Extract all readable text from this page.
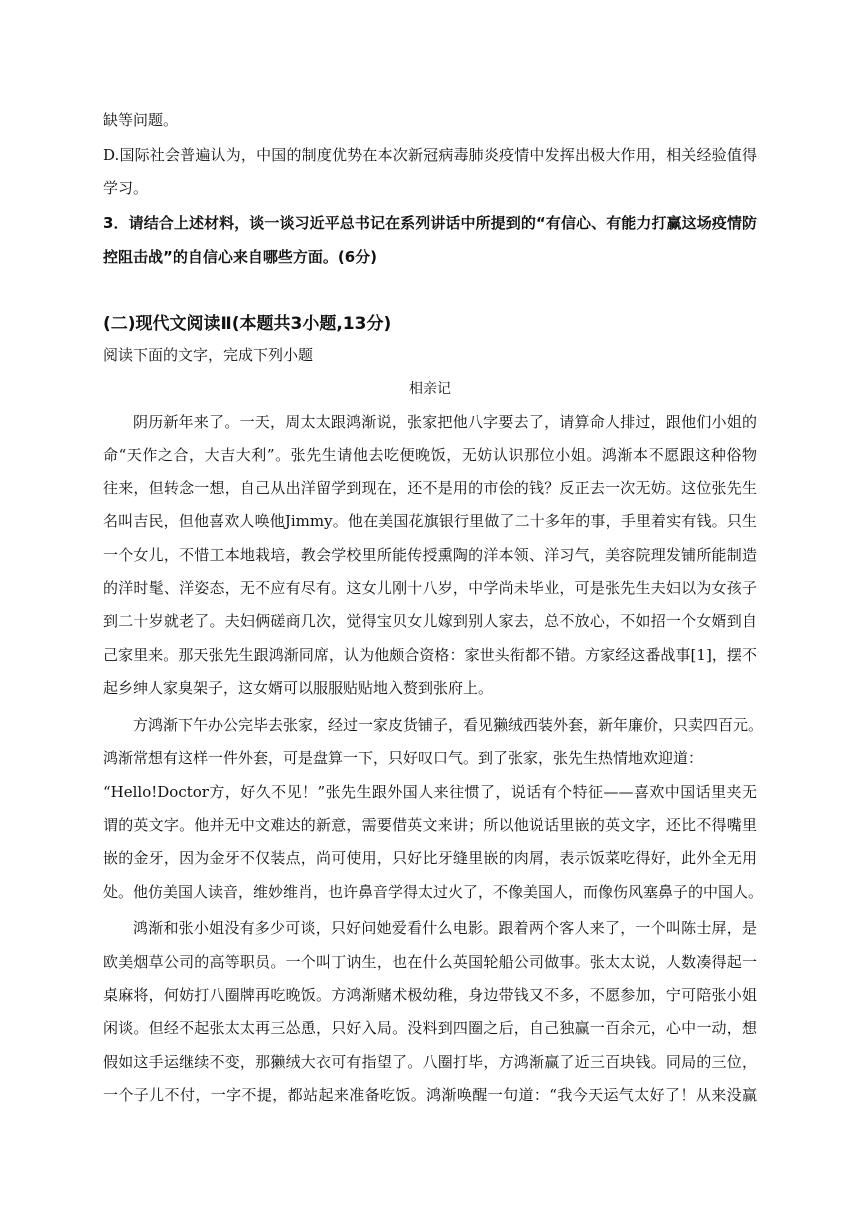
缺等问题。
D.国际社会普遍认为，中国的制度优势在本次新冠病毒肺炎疫情中发挥出极大作用，相关经验值得
学习。
3．请结合上述材料，谈一谈习近平总书记在系列讲话中所提到的“有信心、有能力打赢这场疫情防
控阻击战”的自信心来自哪些方面。(6分)
(二)现代文阅读Ⅱ(本题共3小题,13分)
阅读下面的文字，完成下列小题
相亲记
阴历新年来了。一天，周太太跟鸿渐说，张家把他八字要去了，请算命人排过，跟他们小姐的
命“天作之合，大吉大利”。张先生请他去吃便晚饭，无妨认识那位小姐。鸿渐本不愿跟这种俗物
往来，但转念一想，自己从出洋留学到现在，还不是用的市侩的钱？反正去一次无妨。这位张先生
名叫吉民，但他喜欢人唤他Jimmy。他在美国花旗银行里做了二十多年的事，手里着实有钱。只生
一个女儿，不惜工本地栽培，教会学校里所能传授熏陶的洋本领、洋习气，美容院理发铺所能制造
的洋时髦、洋姿态，无不应有尽有。这女儿刚十八岁，中学尚未毕业，可是张先生夫妇以为女孩子
到二十岁就老了。夫妇俩磋商几次，觉得宝贝女儿嫁到别人家去，总不放心，不如招一个女婿到自
己家里来。那天张先生跟鸿渐同席，认为他颇合资格：家世头衔都不错。方家经这番战事[1]，摆不
起乡绅人家臭架子，这女婿可以服服贴贴地入赘到张府上。
方鸿渐下午办公完毕去张家，经过一家皮货铺子，看见獭绒西装外套，新年廉价，只卖四百元。
鸿渐常想有这样一件外套，可是盘算一下，只好叹口气。到了张家，张先生热情地欢迎道：
“Hello!Doctor方，好久不见！”张先生跟外国人来往惯了，说话有个特征——喜欢中国话里夹无
谓的英文字。他并无中文难达的新意，需要借英文来讲；所以他说话里嵌的英文字，还比不得嘴里
嵌的金牙，因为金牙不仅装点，尚可使用，只好比牙缝里嵌的肉屑，表示饭菜吃得好，此外全无用
处。他仿美国人读音，维妙维肖，也许鼻音学得太过火了，不像美国人，而像伤风塞鼻子的中国人。
鸿渐和张小姐没有多少可谈，只好问她爱看什么电影。跟着两个客人来了，一个叫陈士屏，是
欧美烟草公司的高等职员。一个叫丁讷生，也在什么英国轮船公司做事。张太太说，人数凑得起一
桌麻将，何妨打八圈牌再吃晚饭。方鸿渐赌术极幼稚，身边带钱又不多，不愿参加，宁可陪张小姐
闲谈。但经不起张太太再三怂恿，只好入局。没料到四圈之后，自己独赢一百余元，心中一动，想
假如这手运继续不变，那獭绒大衣可有指望了。八圈打毕，方鸿渐赢了近三百块钱。同局的三位，
一个子儿不付，一字不提，都站起来准备吃饭。鸿渐唤醒一句道：“我今天运气太好了！从来没赢
